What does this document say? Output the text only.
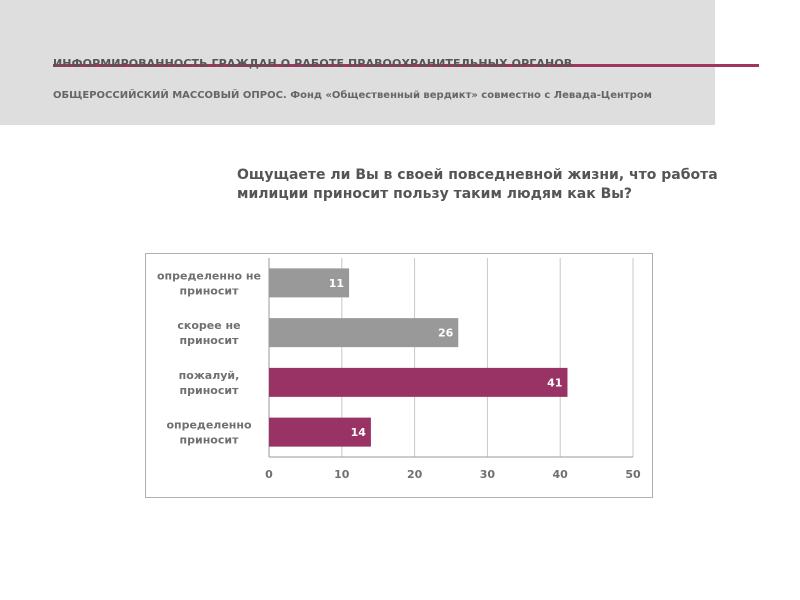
ИНФОРМИРОВАННОСТЬ ГРАЖДАН О РАБОТЕ ПРАВООХРАНИТЕЛЬНЫХ ОРГАНОВ
ОБЩЕРОССИЙСКИЙ МАССОВЫЙ ОПРОС. Фонд «Общественный вердикт» совместно с Левада-Центром
Ощущаете ли Вы в своей повседневной жизни, что работа милиции приносит пользу таким людям как Вы?
0	10	20	30	40	50
11
определенно не
приносит
26
скорее не
приносит
41
пожалуй,
приносит
14
определенно
приносит
